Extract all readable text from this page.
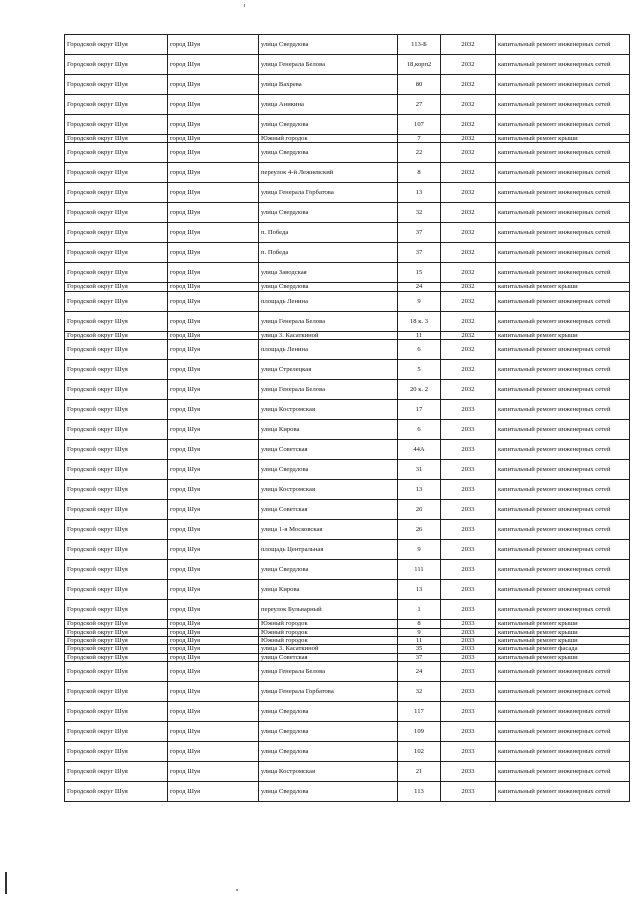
Городской округ Шуя	город Шуя	улица Свердлова	113-Б	2032	капитальный ремонт инженерных сетей
Городской округ Шуя	город Шуя	улица Генерала Белова	18,корп2	2032	капитальный ремонт инженерных сетей
Городской округ Шуя	город Шуя	улица Вахрева	80	2032	капитальный ремонт инженерных сетей
Городской округ Шуя	город Шуя	улица Аникина	27	2032	капитальный ремонт инженерных сетей
Городской округ Шуя	город Шуя	улица Свердлова	107	2032	капитальный ремонт инженерных сетей
Городской округ Шуя	город Шуя	Южный городок	7	2032	капитальный ремонт крыши
Городской округ Шуя	город Шуя	улица Свердлова	22	2032	капитальный ремонт инженерных сетей
Городской округ Шуя	город Шуя	переулок 4-й Лежневский	8	2032	капитальный ремонт инженерных сетей
Городской округ Шуя	город Шуя	улица Генерала Горбатова	13	2032	капитальный ремонт инженерных сетей
Городской округ Шуя	город Шуя	улица Свердлова	32	2032	капитальный ремонт инженерных сетей
Городской округ Шуя	город Шуя	п. Победа	37	2032	капитальный ремонт инженерных сетей
Городской округ Шуя	город Шуя	п. Победа	37	2032	капитальный ремонт инженерных сетей
Городской округ Шуя	город Шуя	улица Заводская	15	2032	капитальный ремонт инженерных сетей
Городской округ Шуя	город Шуя	улица Свердлова	24	2032	капитальный ремонт крыши
Городской округ Шуя	город Шуя	площадь Ленина	9	2032	капитальный ремонт инженерных сетей
Городской округ Шуя	город Шуя	улица Генерала Белова	18 к. 3	2032	капитальный ремонт инженерных сетей
Городской округ Шуя	город Шуя	улица 3. Касаткиной	11	2032	капитальный ремонт крыши
Городской округ Шуя	город Шуя	площадь Ленина	6	2032	капитальный ремонт инженерных сетей
Городской округ Шуя	город Шуя	улица Стрелецкая	5	2032	капитальный ремонт инженерных сетей
Городской округ Шуя	город Шуя	улица Генерала Белова	20 к. 2	2032	капитальный ремонт инженерных сетей
Городской округ Шуя	город Шуя	улица Костромская	17	2033	капитальный ремонт инженерных сетей
Городской округ Шуя	город Шуя	улица Кирова	6	2033	капитальный ремонт инженерных сетей
Городской округ Шуя	город Шуя	улица Советская	44А	2033	капитальный ремонт инженерных сетей
Городской округ Шуя	город Шуя	улица Свердлова	31	2033	капитальный ремонт инженерных сетей
Городской округ Шуя	город Шуя	улица Костромская	13	2033	капитальный ремонт инженерных сетей
Городской округ Шуя	город Шуя	улица Советская	26	2033	капитальный ремонт инженерных сетей
Городской округ Шуя	город Шуя	улица 1-я Московская	26	2033	капитальный ремонт инженерных сетей
Городской округ Шуя	город Шуя	площадь Центральная	9	2033	капитальный ремонт инженерных сетей
Городской округ Шуя	город Шуя	улица Свердлова	111	2033	капитальный ремонт инженерных сетей
Городской округ Шуя	город Шуя	улица Кирова	13	2033	капитальный ремонт инженерных сетей
Городской округ Шуя	город Шуя	переулок Бульварный	1	2033	капитальный ремонт инженерных сетей
Городской округ Шуя	город Шуя	Южный городок	8	2033	капитальный ремонт крыши
Городской округ Шуя	город Шуя	Южный городок	9	2033	капитальный ремонт крыши
Городской округ Шуя	город Шуя	Южный городок	11	2033	капитальный ремонт крыши
Городской округ Шуя	город Шуя	улица 3. Касаткиной	35	2033	капитальный ремонт фасада
Городской округ Шуя	город Шуя	улица Советская	37	2033	капитальный ремонт крыши
Городской округ Шуя	город Шуя	улица Генерала Белова	24	2033	капитальный ремонт инженерных сетей
Городской округ Шуя	город Шуя	улица Генерала Горбатова	32	2033	капитальный ремонт инженерных сетей
Городской округ Шуя	город Шуя	улица Свердлова	117	2033	капитальный ремонт инженерных сетей
Городской округ Шуя	город Шуя	улица Свердлова	109	2033	капитальный ремонт инженерных сетей
Городской округ Шуя	город Шуя	улица Свердлова	102	2033	капитальный ремонт инженерных сетей
Городской округ Шуя	город Шуя	улица Костромская	21	2033	капитальный ремонт инженерных сетей
Городской округ Шуя	город Шуя	улица Свердлова	113	2033	капитальный ремонт инженерных сетей
